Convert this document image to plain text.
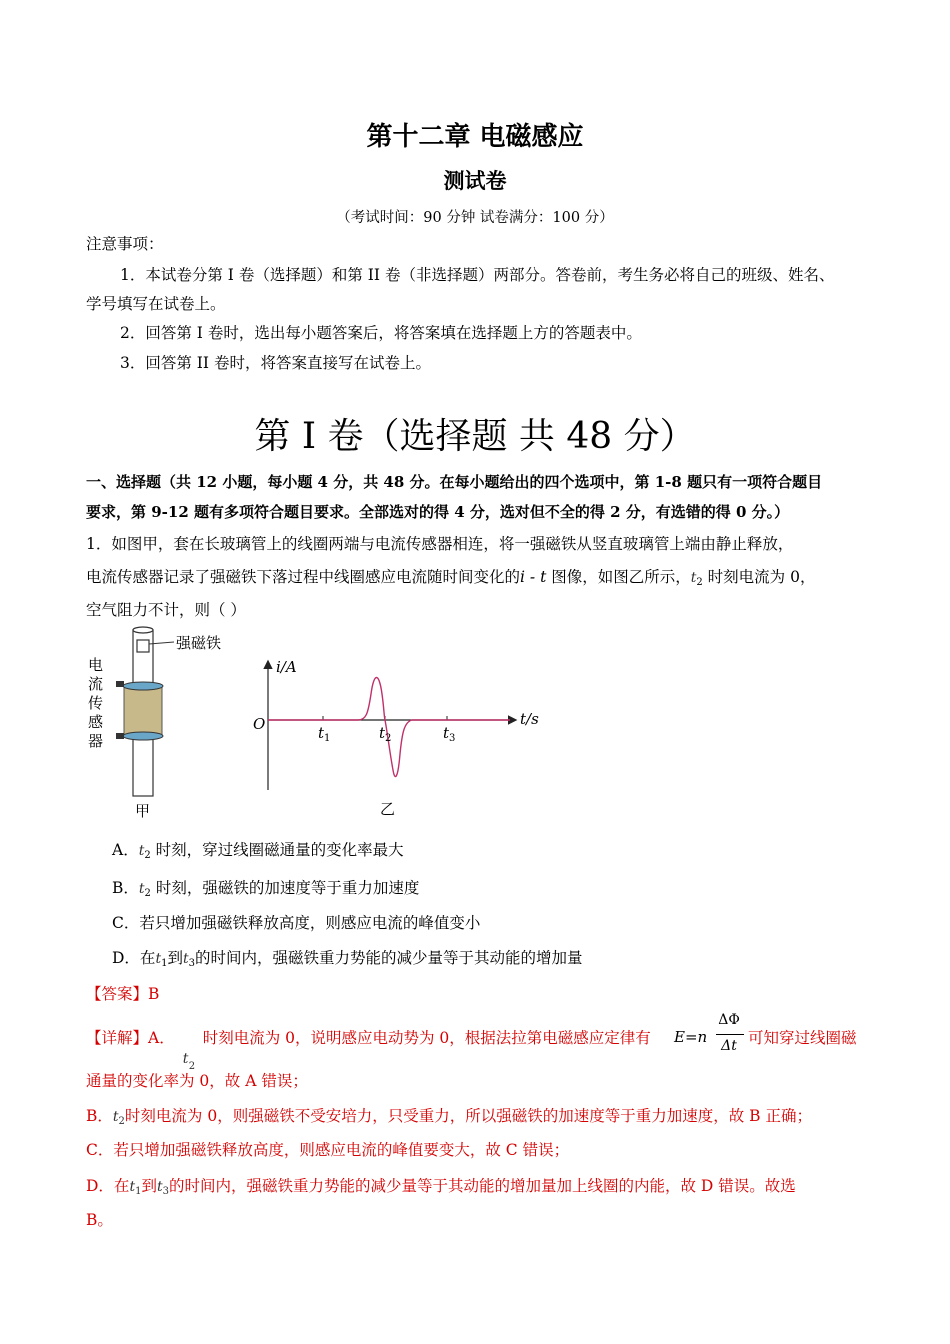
第十二章 电磁感应
测试卷
（考试时间：90 分钟 试卷满分：100 分）
注意事项：
1．本试卷分第 I 卷（选择题）和第 II 卷（非选择题）两部分。答卷前，考生务必将自己的班级、姓名、
学号填写在试卷上。
2．回答第 I 卷时，选出每小题答案后，将答案填在选择题上方的答题表中。
3．回答第 II 卷时，将答案直接写在试卷上。
第 I 卷（选择题 共 48 分）
一、选择题（共 12 小题，每小题 4 分，共 48 分。在每小题给出的四个选项中，第 1-8 题只有一项符合题目
要求，第 9-12 题有多项符合题目要求。全部选对的得 4 分，选对但不全的得 2 分，有选错的得 0 分。）
1．如图甲，套在长玻璃管上的线圈两端与电流传感器相连，将一强磁铁从竖直玻璃管上端由静止释放，
电流传感器记录了强磁铁下落过程中线圈感应电流随时间变化的i - t 图像，如图乙所示，$t_2$ 时刻电流为 0，
空气阻力不计，则（ ）
强磁铁
电
流
传
感
器
甲
i/A
t/s
O	$t_1$	$t_2$	$t_3$
乙
A．$t_2$ 时刻，穿过线圈磁通量的变化率最大
B．$t_2$ 时刻，强磁铁的加速度等于重力加速度
C．若只增加强磁铁释放高度，则感应电流的峰值变小
D．在$t_1$到$t_3$的时间内，强磁铁重力势能的减少量等于其动能的增加量
【答案】B
【详解】A．
t 2
时刻电流为 0，说明感应电动势为 0，根据法拉第电磁感应定律有 E=n
ΔΦ
Δt 可知穿过线圈磁
通量的变化率为 0，故 A 错误；
B．$t_2$时刻电流为 0，则强磁铁不受安培力，只受重力，所以强磁铁的加速度等于重力加速度，故 B 正确；
C．若只增加强磁铁释放高度，则感应电流的峰值要变大，故 C 错误；
D．在$t_1$到$t_3$的时间内，强磁铁重力势能的减少量等于其动能的增加量加上线圈的内能，故 D 错误。故选
B。
